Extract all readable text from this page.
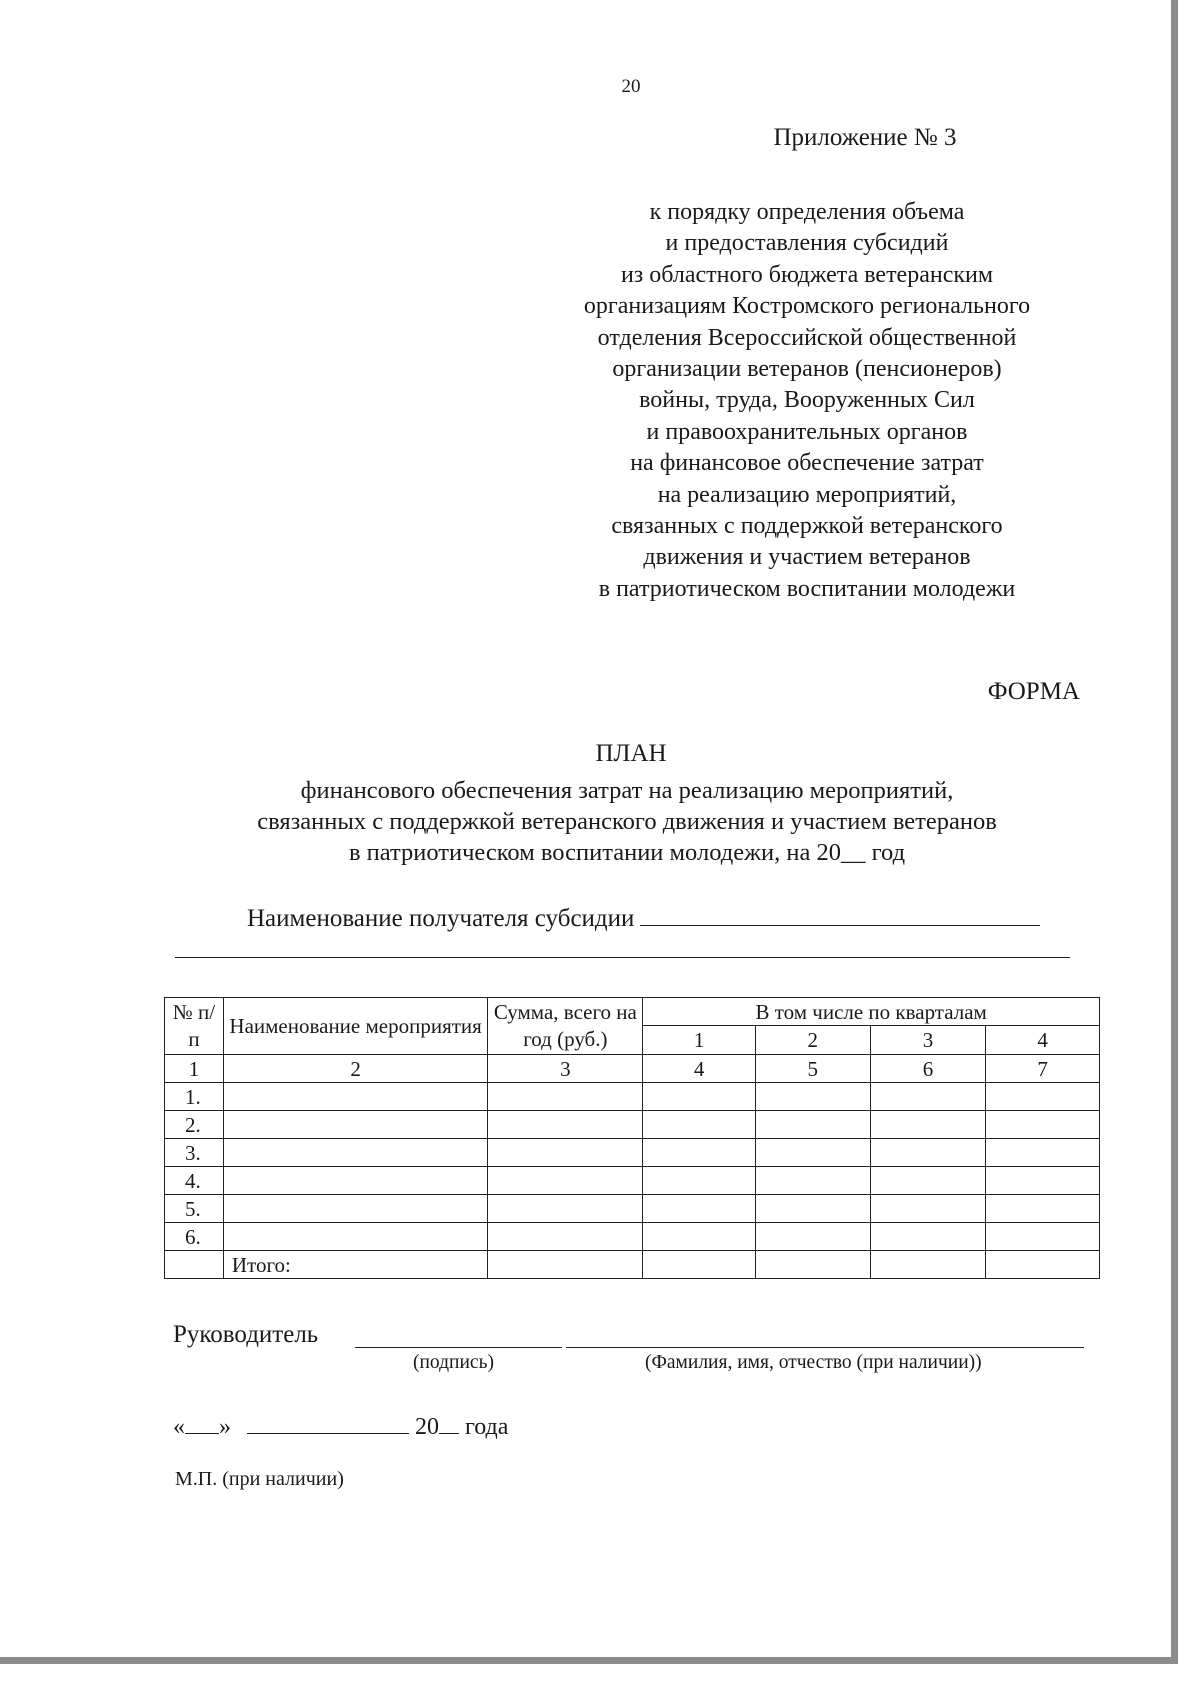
20
Приложение № 3
к порядку определения объема
и предоставления субсидий
из областного бюджета ветеранским
организациям Костромского регионального
отделения Всероссийской общественной
организации ветеранов (пенсионеров)
войны, труда, Вооруженных Сил
и правоохранительных органов
на финансовое обеспечение затрат
на реализацию мероприятий,
связанных с поддержкой ветеранского
движения и участием ветеранов
в патриотическом воспитании молодежи
ФОРМА
ПЛАН
финансового обеспечения затрат на реализацию мероприятий,
связанных с поддержкой ветеранского движения и участием ветеранов
в патриотическом воспитании молодежи, на 20__ год
Наименование получателя субсидии
№ п/п	Наименование мероприятия	Сумма, всего на год (руб.)	В том числе по кварталам			
			1	2	3	4
1	2	3	4	5	6	7
1.						
2.						
3.						
4.						
5.						
6.						
	Итого:					
Руководитель
(подпись)	(Фамилия, имя, отчество (при наличии))
« »	20 года
М.П. (при наличии)
